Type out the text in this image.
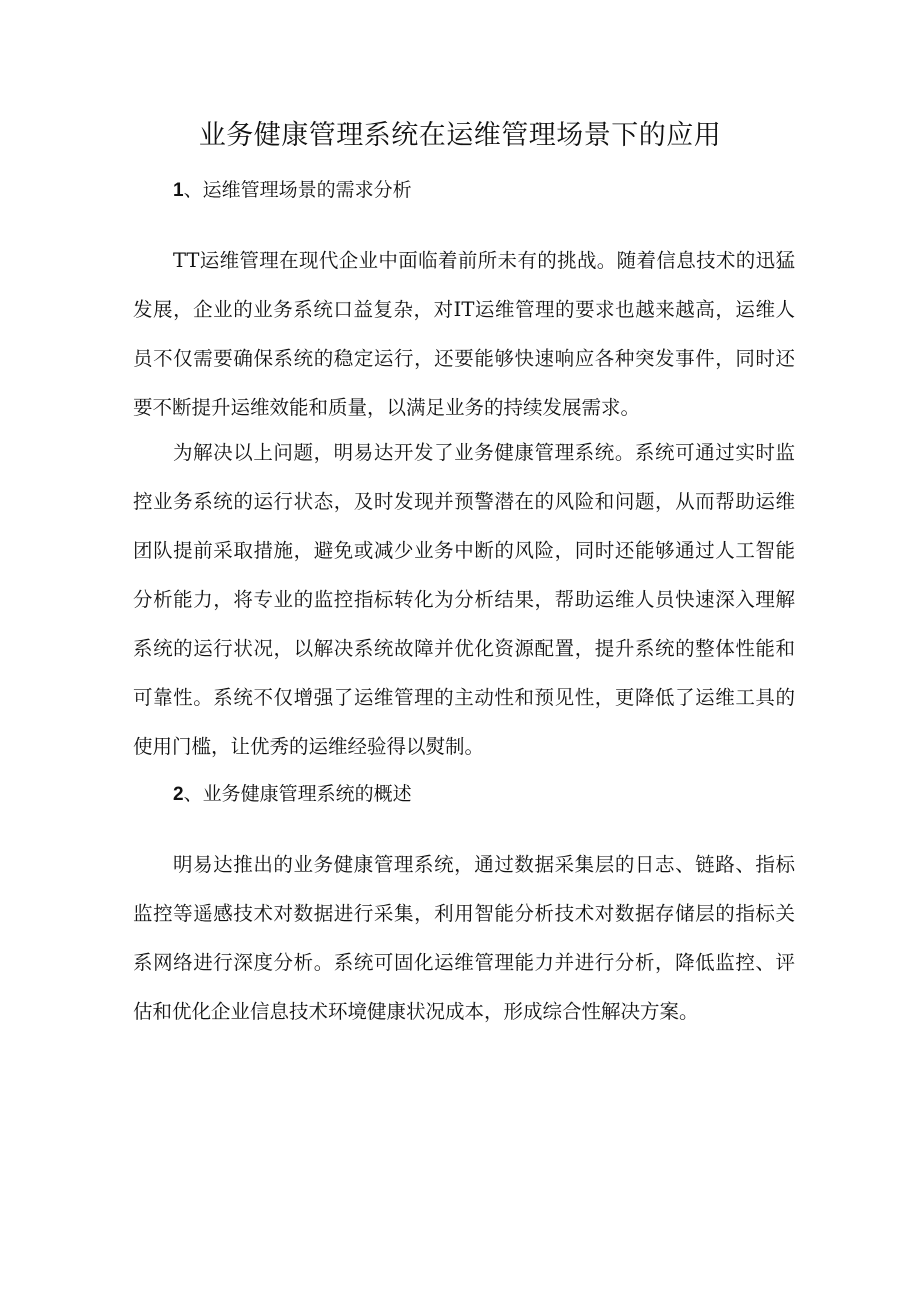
业务健康管理系统在运维管理场景下的应用
1、运维管理场景的需求分析

TT运维管理在现代企业中面临着前所未有的挑战。随着信息技术的迅猛发展，企业的业务系统口益复杂，对IT运维管理的要求也越来越高，运维人员不仅需要确保系统的稳定运行，还要能够快速响应各种突发事件，同时还要不断提升运维效能和质量，以满足业务的持续发展需求。

为解决以上问题，明易达开发了业务健康管理系统。系统可通过实时监控业务系统的运行状态，及时发现并预警潜在的风险和问题，从而帮助运维团队提前采取措施，避免或减少业务中断的风险，同时还能够通过人工智能分析能力，将专业的监控指标转化为分析结果，帮助运维人员快速深入理解系统的运行状况，以解决系统故障并优化资源配置，提升系统的整体性能和可靠性。系统不仅增强了运维管理的主动性和预见性，更降低了运维工具的使用门槛，让优秀的运维经验得以熨制。

2、业务健康管理系统的概述

明易达推出的业务健康管理系统，通过数据采集层的日志、链路、指标监控等遥感技术对数据进行采集，利用智能分析技术对数据存储层的指标关系网络进行深度分析。系统可固化运维管理能力并进行分析，降低监控、评估和优化企业信息技术环境健康状况成本，形成综合性解决方案。
